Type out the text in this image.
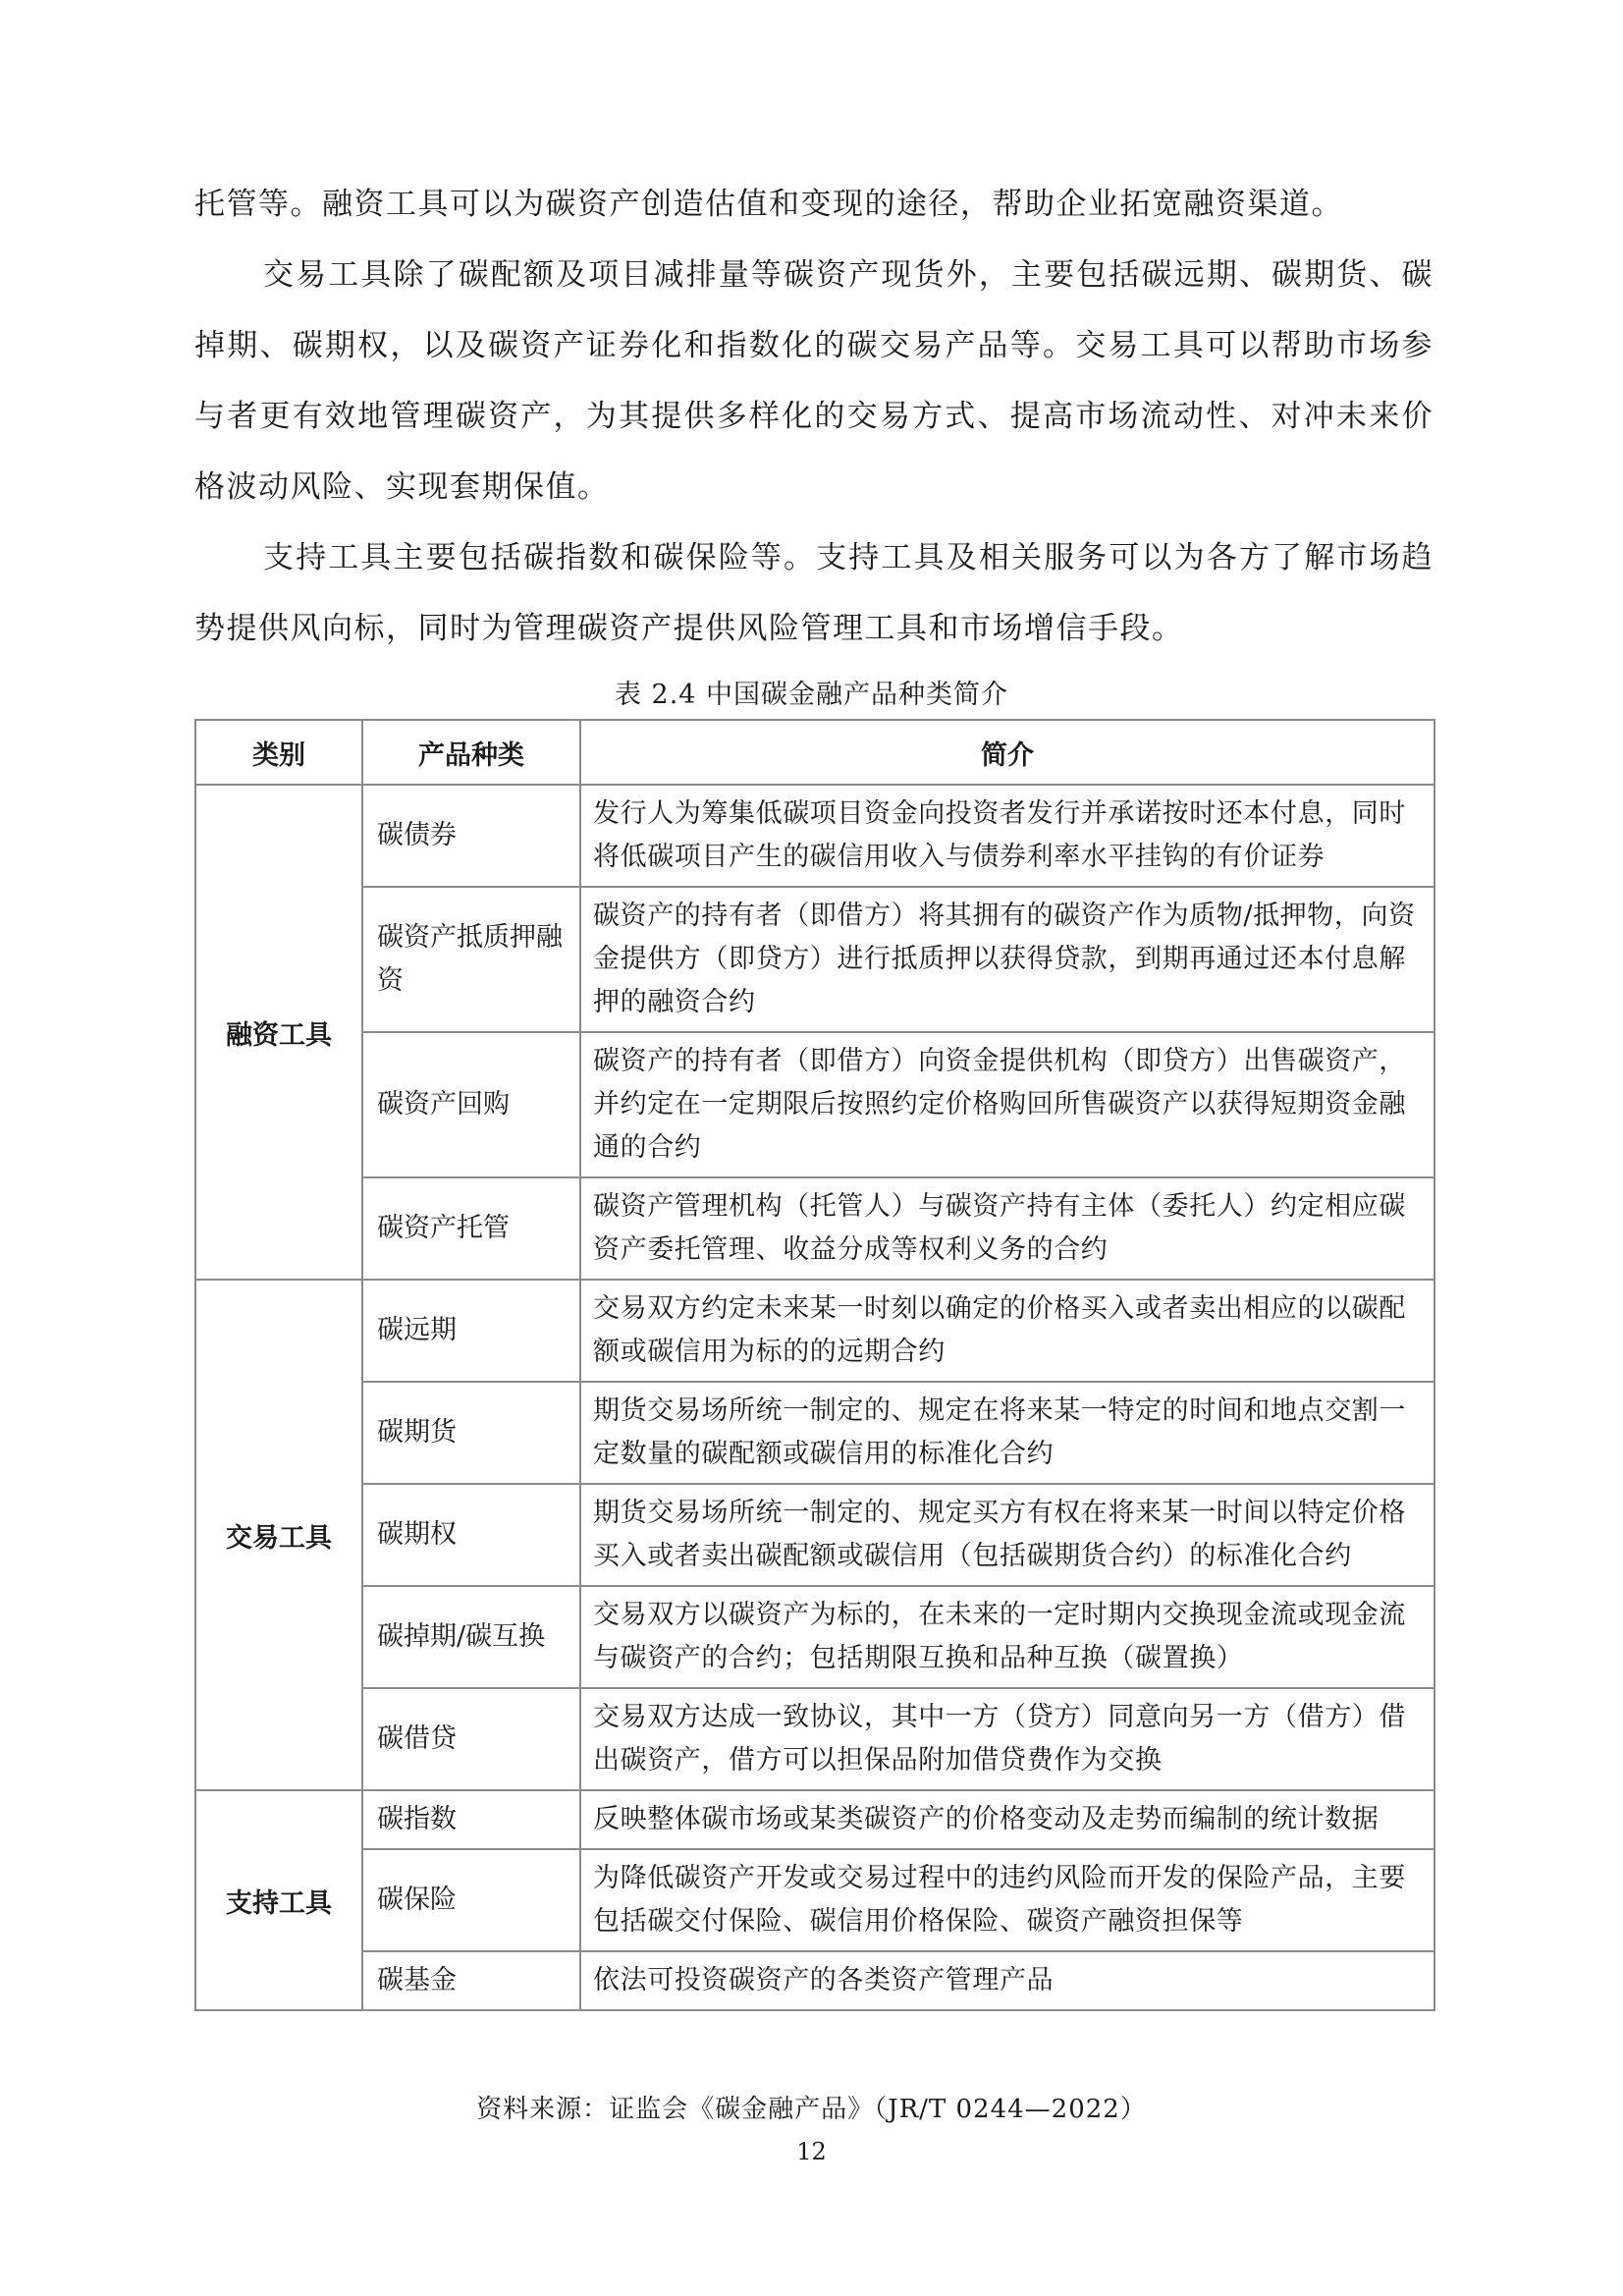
托管等。融资工具可以为碳资产创造估值和变现的途径，帮助企业拓宽融资渠道。

交易工具除了碳配额及项目减排量等碳资产现货外，主要包括碳远期、碳期货、碳掉期、碳期权，以及碳资产证券化和指数化的碳交易产品等。交易工具可以帮助市场参与者更有效地管理碳资产，为其提供多样化的交易方式、提高市场流动性、对冲未来价格波动风险、实现套期保值。

支持工具主要包括碳指数和碳保险等。支持工具及相关服务可以为各方了解市场趋势提供风向标，同时为管理碳资产提供风险管理工具和市场增信手段。

表 2.4 中国碳金融产品种类简介
类别	产品种类	简介
融资工具	碳债券	发行人为筹集低碳项目资金向投资者发行并承诺按时还本付息，同时将低碳项目产生的碳信用收入与债券利率水平挂钩的有价证券
	碳资产抵质押融资	碳资产的持有者（即借方）将其拥有的碳资产作为质物/抵押物，向资金提供方（即贷方）进行抵质押以获得贷款，到期再通过还本付息解押的融资合约
	碳资产回购	碳资产的持有者（即借方）向资金提供机构（即贷方）出售碳资产，并约定在一定期限后按照约定价格购回所售碳资产以获得短期资金融通的合约
	碳资产托管	碳资产管理机构（托管人）与碳资产持有主体（委托人）约定相应碳资产委托管理、收益分成等权利义务的合约
交易工具	碳远期	交易双方约定未来某一时刻以确定的价格买入或者卖出相应的以碳配额或碳信用为标的的远期合约
	碳期货	期货交易场所统一制定的、规定在将来某一特定的时间和地点交割一定数量的碳配额或碳信用的标准化合约
	碳期权	期货交易场所统一制定的、规定买方有权在将来某一时间以特定价格买入或者卖出碳配额或碳信用（包括碳期货合约）的标准化合约
	碳掉期/碳互换	交易双方以碳资产为标的，在未来的一定时期内交换现金流或现金流与碳资产的合约；包括期限互换和品种互换（碳置换）
	碳借贷	交易双方达成一致协议，其中一方（贷方）同意向另一方（借方）借出碳资产，借方可以担保品附加借贷费作为交换
支持工具	碳指数	反映整体碳市场或某类碳资产的价格变动及走势而编制的统计数据
	碳保险	为降低碳资产开发或交易过程中的违约风险而开发的保险产品，主要包括碳交付保险、碳信用价格保险、碳资产融资担保等
	碳基金	依法可投资碳资产的各类资产管理产品
资料来源：证监会《碳金融产品》（JR/T 0244—2022）
12
